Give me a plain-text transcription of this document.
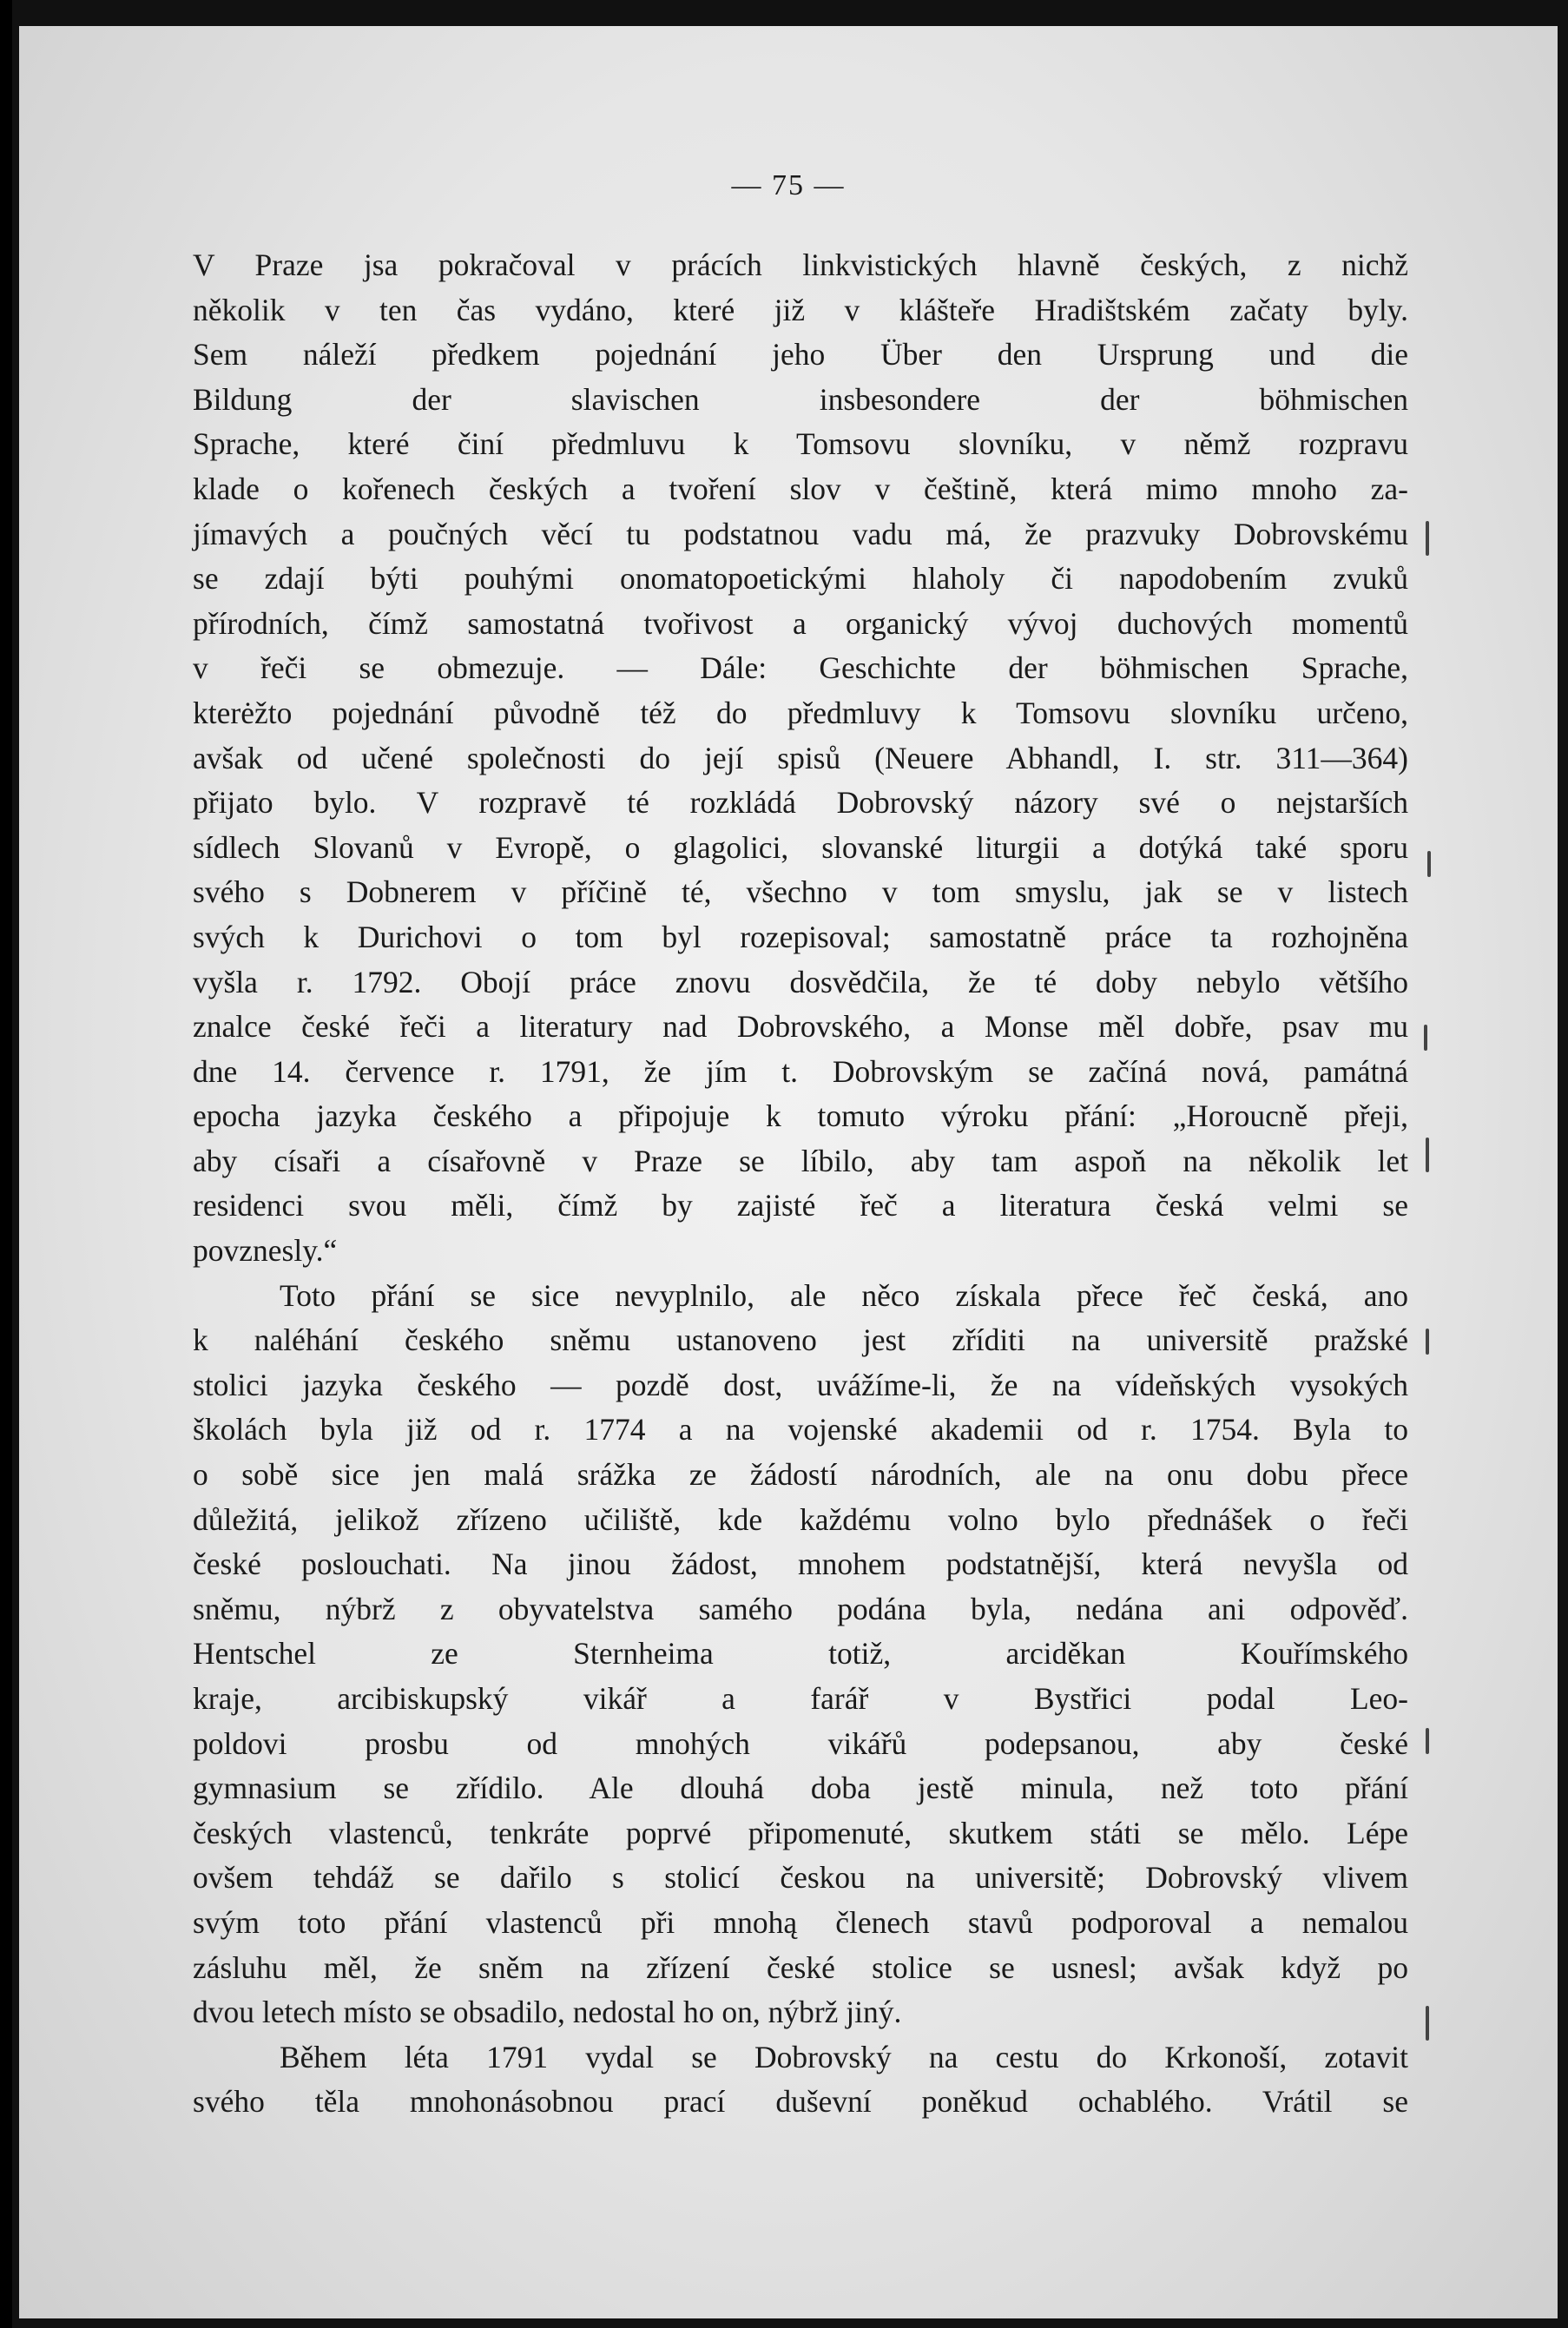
— 75 —
V Praze jsa pokračoval v prácích linkvistických hlavně českých, z nichž
několik v ten čas vydáno, které již v klášteře Hradištském začaty byly.
Sem náleží předkem pojednání jeho Über den Ursprung und die
Bildung der slavischen insbesondere der böhmischen
Sprache, které činí předmluvu k Tomsovu slovníku, v němž rozpravu
klade o kořenech českých a tvoření slov v češtině, která mimo mnoho za-
jímavých a poučných věcí tu podstatnou vadu má, že prazvuky Dobrovskému
se zdají býti pouhými onomatopoetickými hlaholy či napodobením zvuků
přírodních, čímž samostatná tvořivost a organický vývoj duchových momentů
v řeči se obmezuje. — Dále: Geschichte der böhmischen Sprache,
kterėžto pojednání původně též do předmluvy k Tomsovu slovníku určeno,
avšak od učené společnosti do její spisů (Neuere Abhandl, I. str. 311—364)
přijato bylo. V rozpravě té rozkládá Dobrovský názory své o nejstarších
sídlech Slovanů v Evropě, o glagolici, slovanské liturgii a dotýká také sporu
svého s Dobnerem v příčině té, všechno v tom smyslu, jak se v listech
svých k Durichovi o tom byl rozepisoval; samostatně práce ta rozhojněna
vyšla r. 1792. Obojí práce znovu dosvědčila, že té doby nebylo většího
znalce české řeči a literatury nad Dobrovského, a Monse měl dobře, psav mu
dne 14. července r. 1791, že jím t. Dobrovským se začíná nová, památná
epocha jazyka českého a připojuje k tomuto výroku přání: „Horoucně přeji,
aby císaři a císařovně v Praze se líbilo, aby tam aspoň na několik let
residenci svou měli, čímž by zajisté řeč a literatura česká velmi se
povznesly.“
Toto přání se sice nevyplnilo, ale něco získala přece řeč česká, ano
k naléhání českého sněmu ustanoveno jest zříditi na universitě pražské
stolici jazyka českého — pozdě dost, uvážíme-li, že na vídeňských vysokých
školách byla již od r. 1774 a na vojenské akademii od r. 1754. Byla to
o sobě sice jen malá srážka ze žádostí národních, ale na onu dobu přece
důležitá, jelikož zřízeno učiliště, kde každému volno bylo přednášek o řeči
české poslouchati. Na jinou žádost, mnohem podstatnější, která nevyšla od
sněmu, nýbrž z obyvatelstva samého podána byla, nedána ani odpověď.
Hentschel ze Sternheima totiž, arciděkan Kouřímského
kraje, arcibiskupský vikář a farář v Bystřici podal Leo-
poldovi prosbu od mnohých vikářů podepsanou, aby české
gymnasium se zřídilo. Ale dlouhá doba jestě minula, než toto přání
českých vlastenců, tenkráte poprvé připomenuté, skutkem státi se mělo. Lépe
ovšem tehdáž se dařilo s stolicí českou na universitě; Dobrovský vlivem
svým toto přání vlastenců při mnohą členech stavů podporoval a nemalou
zásluhu měl, že sněm na zřízení české stolice se usnesl; avšak když po
dvou letech místo se obsadilo, nedostal ho on, nýbrž jiný.
Během léta 1791 vydal se Dobrovský na cestu do Krkonoší, zotavit
svého těla mnohonásobnou prací duševní poněkud ochablého. Vrátil se
